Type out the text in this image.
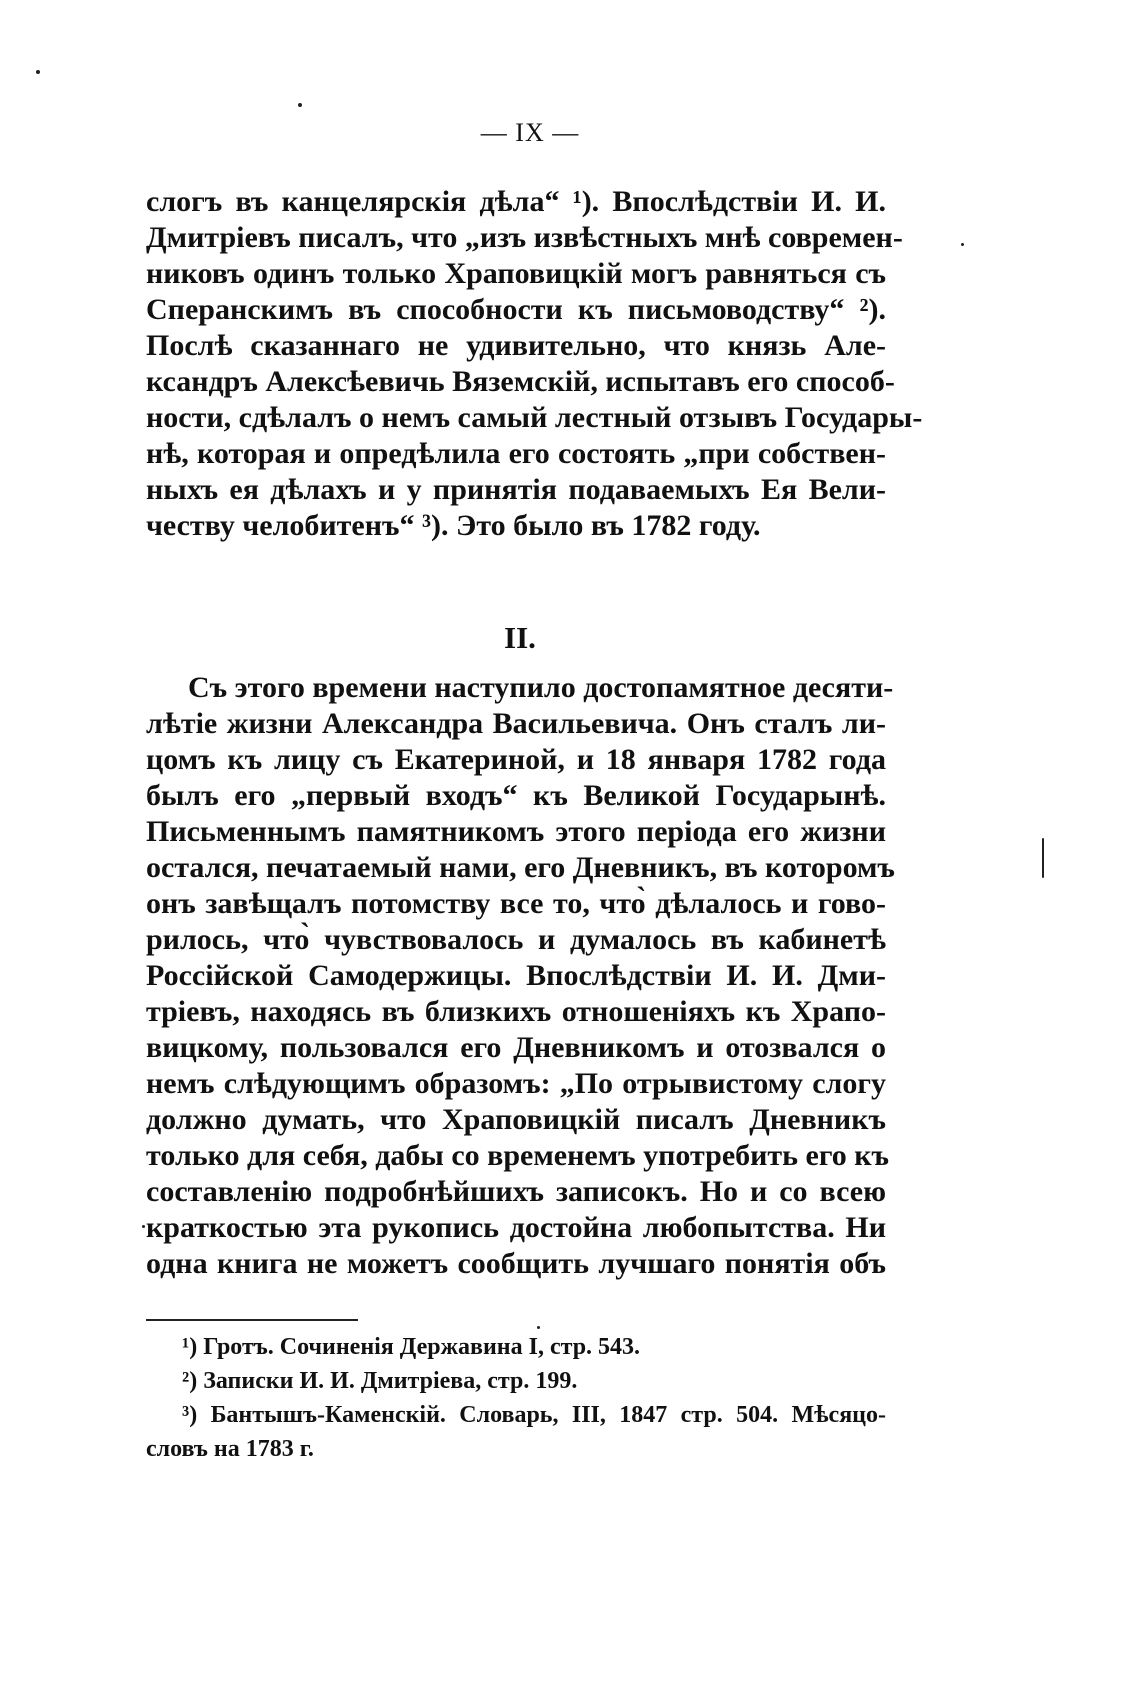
— IX —
слогъ въ канцелярскія дѣла“ ¹). Впослѣдствіи И. И.
Дмитріевъ писалъ, что „изъ извѣстныхъ мнѣ современ-
никовъ одинъ только Храповицкій могъ равняться съ
Сперанскимъ въ способности къ письмоводству“ ²).
Послѣ сказаннаго не удивительно, что князь Але-
ксандръ Алексѣевичь Вяземскій, испытавъ его способ-
ности, сдѣлалъ о немъ самый лестный отзывъ Государы-
нѣ, которая и опредѣлила его состоять „при собствен-
ныхъ ея дѣлахъ и у принятія подаваемыхъ Ея Вели-
честву челобитенъ“ ³). Это было въ 1782 году.
II.
Съ этого времени наступило достопамятное десяти-
лѣтіе жизни Александра Васильевича. Онъ сталъ ли-
цомъ къ лицу съ Екатериной, и 18 января 1782 года
былъ его „первый входъ“ къ Великой Государынѣ.
Письменнымъ памятникомъ этого періода его жизни
остался, печатаемый нами, его Дневникъ, въ которомъ
онъ завѣщалъ потомству все то, что̀ дѣлалось и гово-
рилось, что̀ чувствовалось и думалось въ кабинетѣ
Россійской Самодержицы. Впослѣдствіи И. И. Дми-
тріевъ, находясь въ близкихъ отношеніяхъ къ Храпо-
вицкому, пользовался его Дневникомъ и отозвался о
немъ слѣдующимъ образомъ: „По отрывистому слогу
должно думать, что Храповицкій писалъ Дневникъ
только для себя, дабы со временемъ употребить его къ
составленію подробнѣйшихъ записокъ. Но и со всею
краткостью эта рукопись достойна любопытства. Ни
одна книга не можетъ сообщить лучшаго понятія объ
¹) Гротъ. Сочиненія Державина I, стр. 543.
²) Записки И. И. Дмитріева, стр. 199.
³) Бантышъ-Каменскій. Словарь, III, 1847 стр. 504. Мѣсяцо-
словъ на 1783 г.
